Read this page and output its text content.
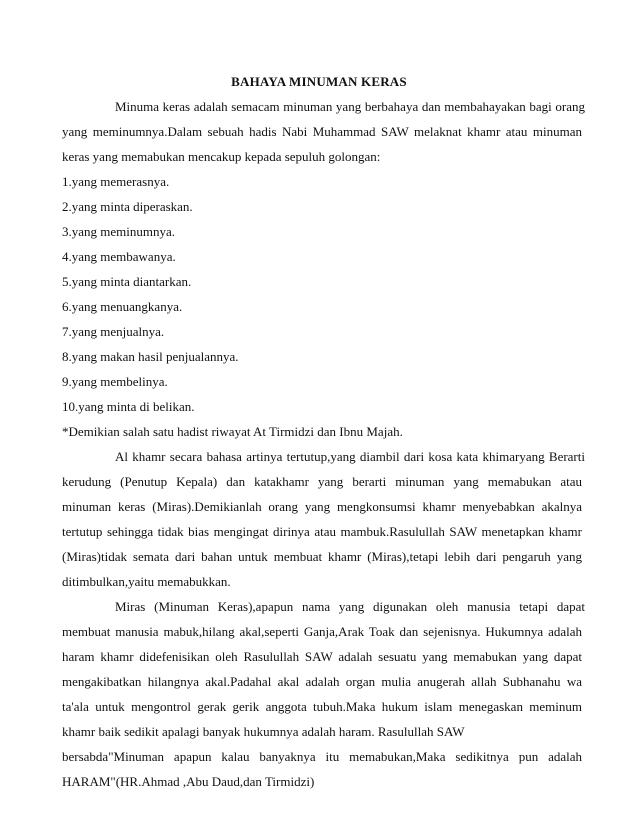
BAHAYA MINUMAN KERAS
Minuma keras adalah semacam minuman yang berbahaya dan membahayakan bagi orang
yang meminumnya.Dalam sebuah hadis Nabi Muhammad SAW melaknat khamr atau minuman
keras yang memabukan mencakup kepada sepuluh golongan:
1.yang memerasnya.
2.yang minta diperaskan.
3.yang meminumnya.
4.yang membawanya.
5.yang minta diantarkan.
6.yang menuangkanya.
7.yang menjualnya.
8.yang makan hasil penjualannya.
9.yang membelinya.
10.yang minta di belikan.
*Demikian salah satu hadist riwayat At Tirmidzi dan Ibnu Majah.
Al khamr secara bahasa artinya tertutup,yang diambil dari kosa kata khimaryang Berarti
kerudung (Penutup Kepala) dan katakhamr yang berarti minuman yang memabukan atau
minuman keras (Miras).Demikianlah orang yang mengkonsumsi khamr menyebabkan akalnya
tertutup sehingga tidak bias mengingat dirinya atau mambuk.Rasulullah SAW menetapkan khamr
(Miras)tidak semata dari bahan untuk membuat khamr (Miras),tetapi lebih dari pengaruh yang
ditimbulkan,yaitu memabukkan.
Miras (Minuman Keras),apapun nama yang digunakan oleh manusia tetapi dapat
membuat manusia mabuk,hilang akal,seperti Ganja,Arak Toak dan sejenisnya. Hukumnya adalah
haram khamr didefenisikan oleh Rasulullah SAW adalah sesuatu yang memabukan yang dapat
mengakibatkan hilangnya akal.Padahal akal adalah organ mulia anugerah allah Subhanahu wa
ta'ala untuk mengontrol gerak gerik anggota tubuh.Maka hukum islam menegaskan meminum
khamr baik sedikit apalagi banyak hukumnya adalah haram. Rasulullah SAW
bersabda"Minuman apapun kalau banyaknya itu memabukan,Maka sedikitnya pun adalah
HARAM"(HR.Ahmad ,Abu Daud,dan Tirmidzi)
